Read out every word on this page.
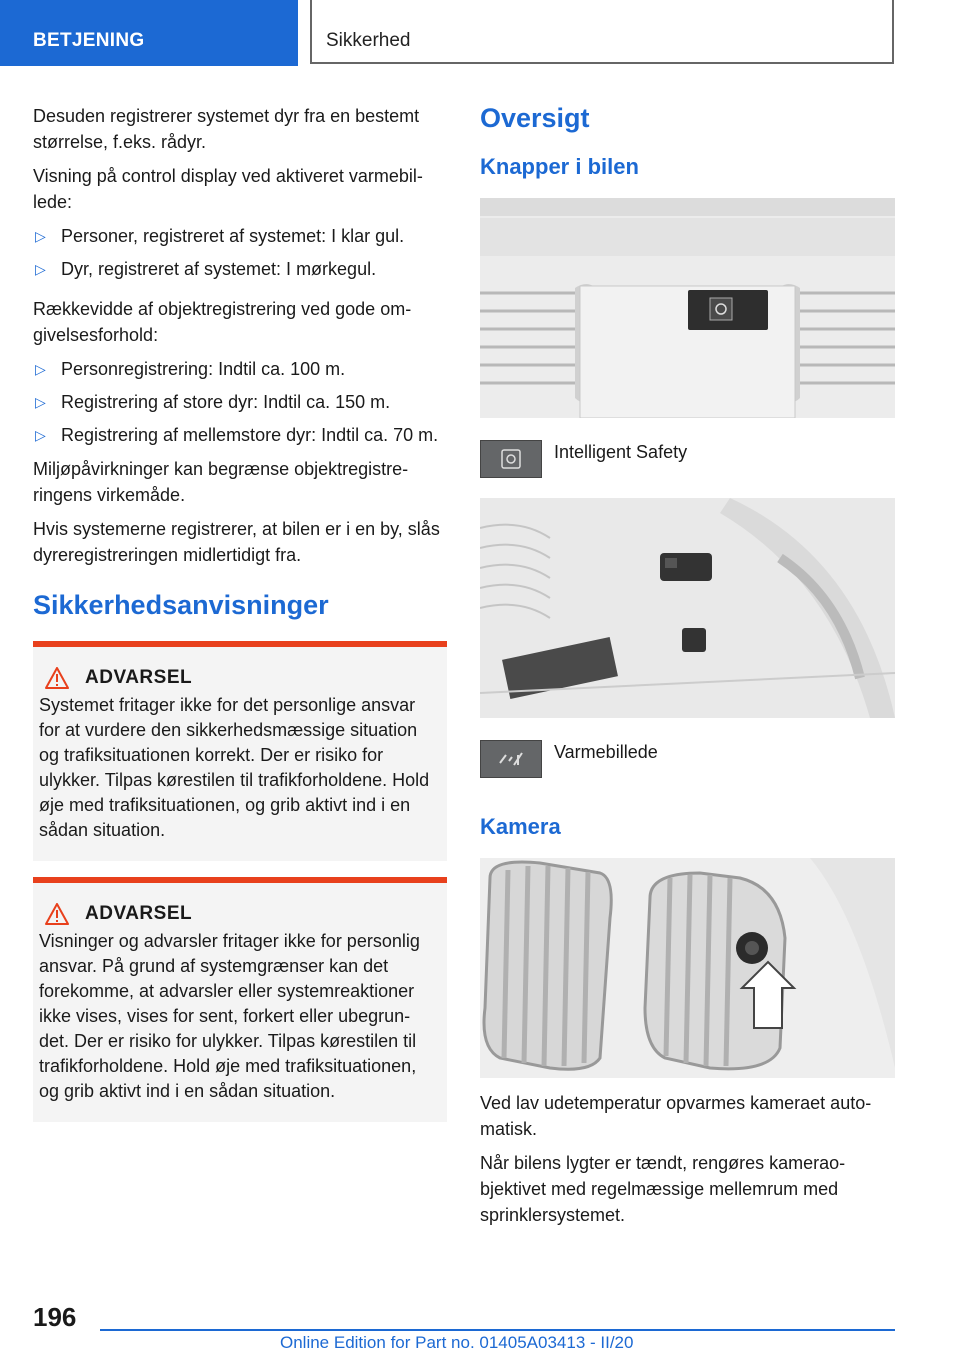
BETJENING	Sikkerhed

Desuden registrerer systemet dyr fra en bestemt størrelse, f.eks. rådyr.

Visning på control display ved aktiveret varmebil‐lede:

▷ Personer, registreret af systemet: I klar gul.
▷ Dyr, registreret af systemet: I mørkegul.

Rækkevidde af objektregistrering ved gode om‐givelsesforhold:

▷ Personregistrering: Indtil ca. 100 m.
▷ Registrering af store dyr: Indtil ca. 150 m.
▷ Registrering af mellemstore dyr: Indtil ca. 70 m.

Miljøpåvirkninger kan begrænse objektregistre‐ringens virkemåde.

Hvis systemerne registrerer, at bilen er i en by, slås dyreregistreringen midlertidigt fra.

Sikkerhedsanvisninger
ADVARSEL

Systemet fritager ikke for det personlige ansvar for at vurdere den sikkerhedsmæssige situation og trafiksituationen korrekt. Der er risiko for ulykker. Tilpas kørestilen til trafikforholdene. Hold øje med trafiksituationen, og grib aktivt ind i en sådan situation.

ADVARSEL

Visninger og advarsler fritager ikke for personlig ansvar. På grund af systemgrænser kan det forekomme, at advarsler eller systemreaktioner ikke vises, vises for sent, forkert eller ubegrun‐det. Der er risiko for ulykker. Tilpas kørestilen til trafikforholdene. Hold øje med trafiksituationen, og grib aktivt ind i en sådan situation.

Oversigt
Knapper i bilen
Intelligent Safety
Varmebillede
Kamera

Ved lav udetemperatur opvarmes kameraet auto‐matisk.

Når bilens lygter er tændt, rengøres kamerao‐bjektivet med regelmæssige mellemrum med sprinklersystemet.

196
Online Edition for Part no. 01405A03413 - II/20
